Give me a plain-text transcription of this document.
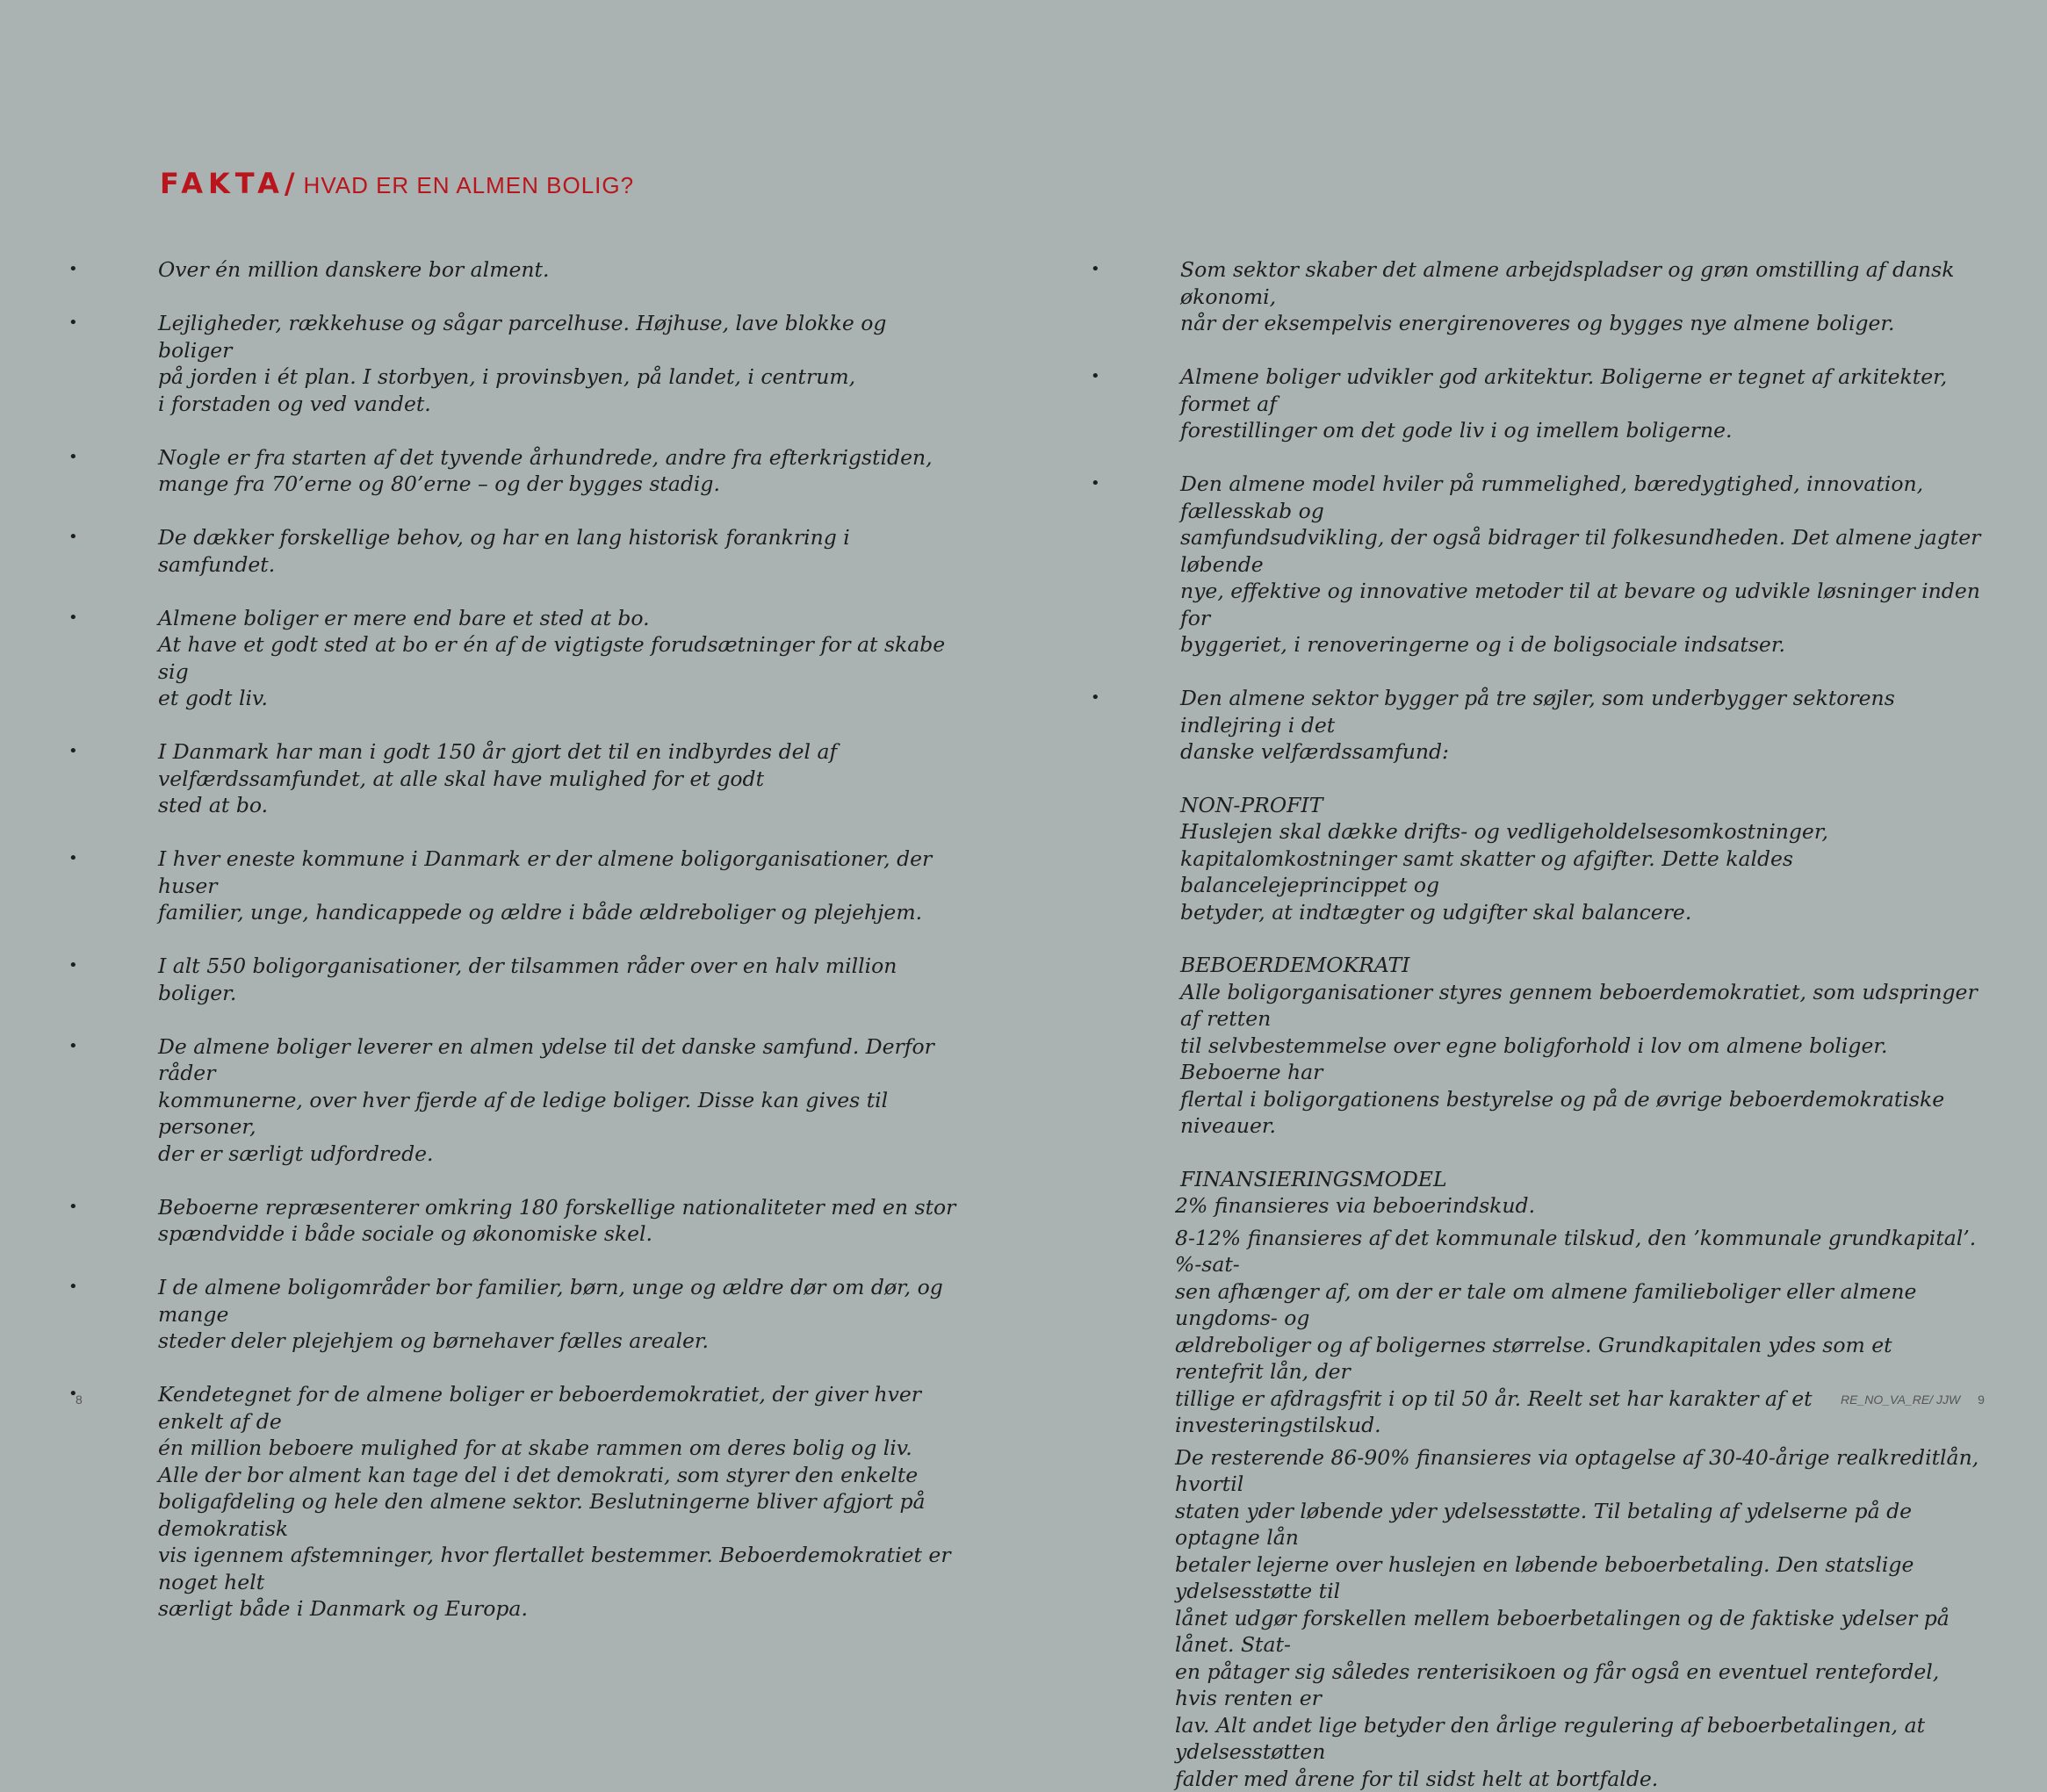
FAKTA/ HVAD ER EN ALMEN BOLIG?
•	Over én million danskere bor alment.
•	Lejligheder, rækkehuse og sågar parcelhuse. Højhuse, lave blokke og boliger
på jorden i ét plan. I storbyen, i provinsbyen, på landet, i centrum,
i forstaden og ved vandet.
•	Nogle er fra starten af det tyvende århundrede, andre fra efterkrigstiden,
mange fra 70’erne og 80’erne – og der bygges stadig.
•	De dækker forskellige behov, og har en lang historisk forankring i samfundet.
•	Almene boliger er mere end bare et sted at bo.
At have et godt sted at bo er én af de vigtigste forudsætninger for at skabe sig
et godt liv.
•	I Danmark har man i godt 150 år gjort det til en indbyrdes del af
velfærdssamfundet, at alle skal have mulighed for et godt
sted at bo.
•	I hver eneste kommune i Danmark er der almene boligorganisationer, der huser
familier, unge, handicappede og ældre i både ældreboliger og plejehjem.
•	I alt 550 boligorganisationer, der tilsammen råder over en halv million boliger.
•	De almene boliger leverer en almen ydelse til det danske samfund. Derfor råder
kommunerne, over hver fjerde af de ledige boliger. Disse kan gives til personer,
der er særligt udfordrede.
•	Beboerne repræsenterer omkring 180 forskellige nationaliteter med en stor
spændvidde i både sociale og økonomiske skel.
•	I de almene boligområder bor familier, børn, unge og ældre dør om dør, og mange
steder deler plejehjem og børnehaver fælles arealer.
•	Kendetegnet for de almene boliger er beboerdemokratiet, der giver hver enkelt af de
én million beboere mulighed for at skabe rammen om deres bolig og liv.
Alle der bor alment kan tage del i det demokrati, som styrer den enkelte
boligafdeling og hele den almene sektor. Beslutningerne bliver afgjort på demokratisk
vis igennem afstemninger, hvor flertallet bestemmer. Beboerdemokratiet er noget helt
særligt både i Danmark og Europa.
•	Som sektor skaber det almene arbejdspladser og grøn omstilling af dansk økonomi,
når der eksempelvis energirenoveres og bygges nye almene boliger.
•	Almene boliger udvikler god arkitektur. Boligerne er tegnet af arkitekter, formet af
forestillinger om det gode liv i og imellem boligerne.
•	Den almene model hviler på rummelighed, bæredygtighed, innovation, fællesskab og
samfundsudvikling, der også bidrager til folkesundheden. Det almene jagter løbende
nye, effektive og innovative metoder til at bevare og udvikle løsninger inden for
byggeriet, i renoveringerne og i de boligsociale indsatser.
•	Den almene sektor bygger på tre søjler, som underbygger sektorens indlejring i det
danske velfærdssamfund:
NON-PROFIT
Huslejen skal dække drifts- og vedligeholdelsesomkostninger,
kapitalomkostninger samt skatter og afgifter. Dette kaldes balancelejeprincippet og
betyder, at indtægter og udgifter skal balancere.
BEBOERDEMOKRATI
Alle boligorganisationer styres gennem beboerdemokratiet, som udspringer af retten
til selvbestemmelse over egne boligforhold i lov om almene boliger. Beboerne har
flertal i boligorgationens bestyrelse og på de øvrige beboerdemokratiske niveauer.
FINANSIERINGSMODEL
2% finansieres via beboerindskud.
8-12% finansieres af det kommunale tilskud, den ’kommunale grundkapital’. %-sat-
sen afhænger af, om der er tale om almene familieboliger eller almene ungdoms- og
ældreboliger og af boligernes størrelse. Grundkapitalen ydes som et rentefrit lån, der
tillige er afdragsfrit i op til 50 år. Reelt set har karakter af et investeringstilskud.
De resterende 86-90% finansieres via optagelse af 30-40-årige realkreditlån, hvortil
staten yder løbende yder ydelsesstøtte. Til betaling af ydelserne på de optagne lån
betaler lejerne over huslejen en løbende beboerbetaling. Den statslige ydelsesstøtte til
lånet udgør forskellen mellem beboerbetalingen og de faktiske ydelser på lånet. Stat-
en påtager sig således renterisikoen og får også en eventuel rentefordel, hvis renten er
lav. Alt andet lige betyder den årlige regulering af beboerbetalingen, at ydelsesstøtten
falder med årene for til sidst helt at bortfalde.
8	RE_NO_VA_RE/ JJW 9
